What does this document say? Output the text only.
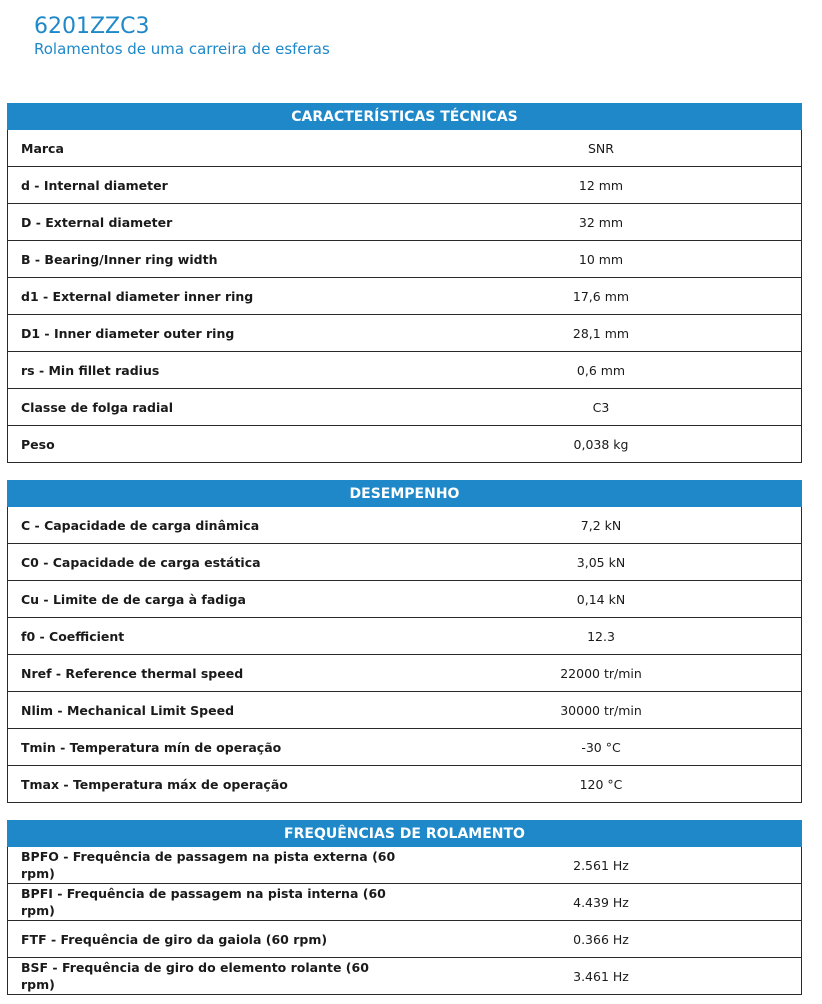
6201ZZC3

Rolamentos de uma carreira de esferas

CARACTERÍSTICAS TÉCNICAS
Marca	SNR
d - Internal diameter	12 mm
D - External diameter	32 mm
B - Bearing/Inner ring width	10 mm
d1 - External diameter inner ring	17,6 mm
D1 - Inner diameter outer ring	28,1 mm
rs - Min fillet radius	0,6 mm
Classe de folga radial	C3
Peso	0,038 kg
DESEMPENHO
C - Capacidade de carga dinâmica	7,2 kN
C0 - Capacidade de carga estática	3,05 kN
Cu - Limite de de carga à fadiga	0,14 kN
f0 - Coefficient	12.3
Nref - Reference thermal speed	22000 tr/min
Nlim - Mechanical Limit Speed	30000 tr/min
Tmin - Temperatura mín de operação	-30 °C
Tmax - Temperatura máx de operação	120 °C
FREQUÊNCIAS DE ROLAMENTO
BPFO - Frequência de passagem na pista externa (60 rpm)	2.561 Hz
BPFI - Frequência de passagem na pista interna (60 rpm)	4.439 Hz
FTF - Frequência de giro da gaiola (60 rpm)	0.366 Hz
BSF - Frequência de giro do elemento rolante (60 rpm)	3.461 Hz
